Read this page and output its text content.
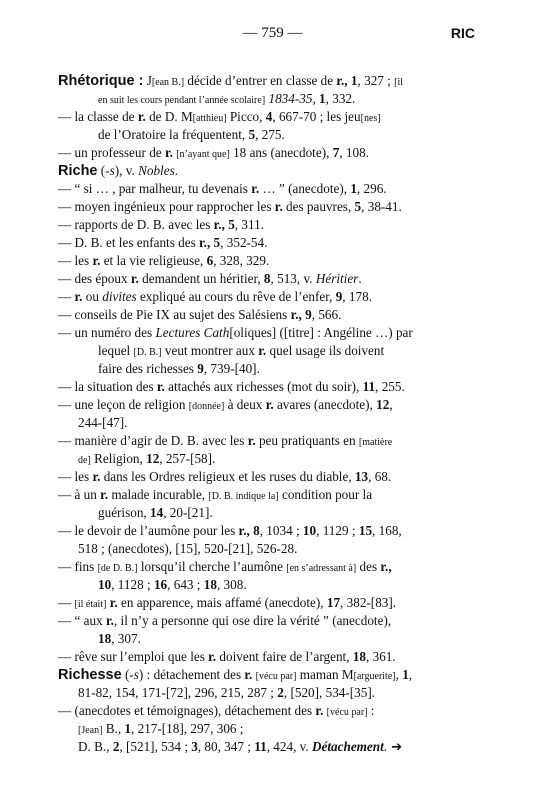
— 759 —	RIC
Rhétorique : J[ean B.] décide d’entrer en classe de r., 1, 327 ; [il
en suit les cours pendant l’année scolaire] 1834-35, 1, 332.
— la classe de r. de D. M[atthieu] Picco, 4, 667-70 ; les jeu[nes]
de l’Oratoire la fréquentent, 5, 275.
— un professeur de r. [n’ayant que] 18 ans (anecdote), 7, 108.
Riche (-s), v. Nobles.
— “ si … , par malheur, tu devenais r. … ” (anecdote), 1, 296.
— moyen ingénieux pour rapprocher les r. des pauvres, 5, 38-41.
— rapports de D. B. avec les r., 5, 311.
— D. B. et les enfants des r., 5, 352-54.
— les r. et la vie religieuse, 6, 328, 329.
— des époux r. demandent un héritier, 8, 513, v. Héritier.
— r. ou divites expliqué au cours du rêve de l’enfer, 9, 178.
— conseils de Pie IX au sujet des Salésiens r., 9, 566.
— un numéro des Lectures Cath[oliques] ([titre] : Angéline …) par
lequel [D. B.] veut montrer aux r. quel usage ils doivent
faire des richesses 9, 739-[40].
— la situation des r. attachés aux richesses (mot du soir), 11, 255.
— une leçon de religion [donnée] à deux r. avares (anecdote), 12,
244-[47].
— manière d’agir de D. B. avec les r. peu pratiquants en [matière
de] Religion, 12, 257-[58].
— les r. dans les Ordres religieux et les ruses du diable, 13, 68.
— à un r. malade incurable, [D. B. indique la] condition pour la
guérison, 14, 20-[21].
— le devoir de l’aumône pour les r., 8, 1034 ; 10, 1129 ; 15, 168,
518 ; (anecdotes), [15], 520-[21], 526-28.
— fins [de D. B.] lorsqu’il cherche l’aumône [en s’adressant à] des r.,
10, 1128 ; 16, 643 ; 18, 308.
— [il était] r. en apparence, mais affamé (anecdote), 17, 382-[83].
— “ aux r., il n’y a personne qui ose dire la vérité ” (anecdote),
18, 307.
— rêve sur l’emploi que les r. doivent faire de l’argent, 18, 361.
Richesse (-s) : détachement des r. [vécu par] maman M[arguerite], 1,
81-82, 154, 171-[72], 296, 215, 287 ; 2, [520], 534-[35].
— (anecdotes et témoignages), détachement des r. [vécu par] :
[Jean] B., 1, 217-[18], 297, 306 ;
D. B., 2, [521], 534 ; 3, 80, 347 ; 11, 424, v. Détachement. ➔
